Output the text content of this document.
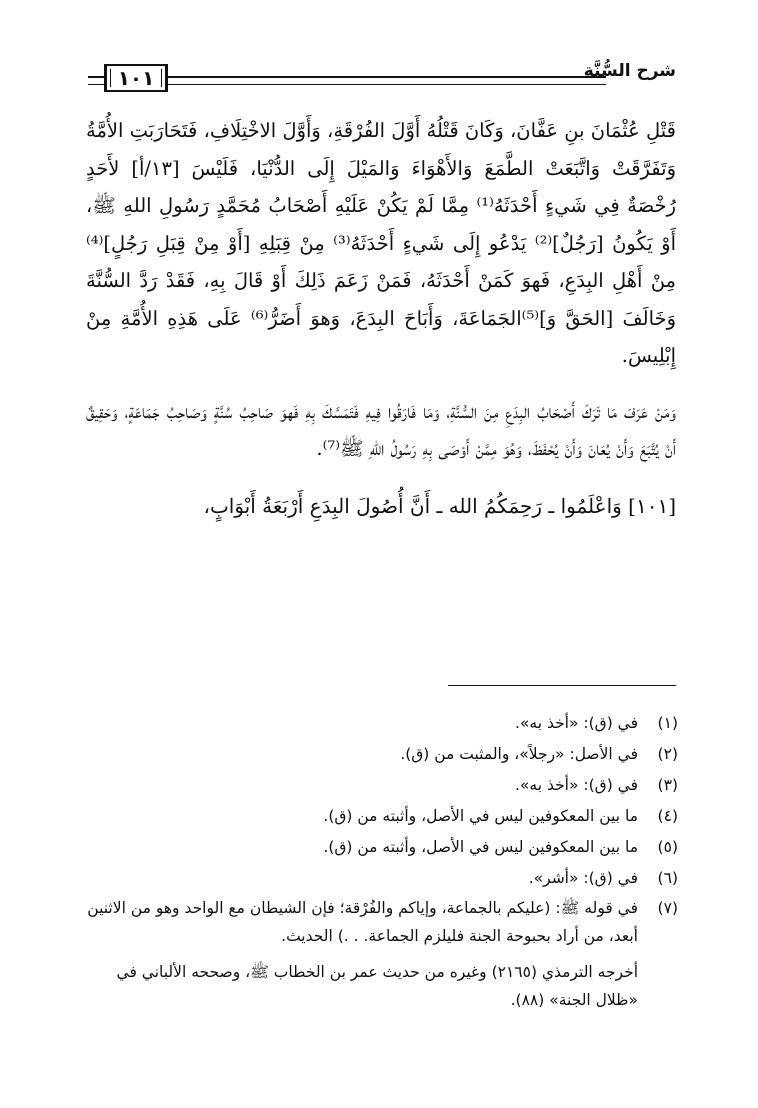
شرح السُّنَّة
١٠١

قَتْلِ عُثْمَانَ بنِ عَفَّانَ، وَكَانَ قَتْلُهُ أَوَّلَ الفُرْقَةِ، وَأَوَّلَ الاخْتِلَافِ، فَتَحَارَبَتِ الأُمَّةُ وَتَفَرَّقَتْ وَاتَّبَعَتْ الطَّمَعَ وَالأَهْوَاءَ وَالمَيْلَ إِلَى الدُّنْيَا، فَلَيْسَ [١٣/أ] لأَحَدٍ رُخْصَةٌ فِي شَيءٍ أَحْدَثَهُ⁽¹⁾ مِمَّا لَمْ يَكُنْ عَلَيْهِ أَصْحَابُ مُحَمَّدٍ رَسُولِ اللهِ ﷺ، أَوْ يَكُونُ [رَجُلٌ]⁽²⁾ يَدْعُو إِلَى شَيءٍ أَحْدَثَهُ⁽³⁾ مِنْ قِبَلِهِ [أَوْ مِنْ قِبَلِ رَجُلٍ]⁽⁴⁾ مِنْ أَهْلِ البِدَعِ، فَهوَ كَمَنْ أَحْدَثَهُ، فَمَنْ زَعَمَ ذَلِكَ أَوْ قَالَ بِهِ، فَقَدْ رَدَّ السُّنَّةَ وَخَالَفَ [الحَقَّ وَ]⁽⁵⁾الجَمَاعَةَ، وَأَبَاحَ البِدَعَ، وَهوَ أَضَرُّ⁽⁶⁾ عَلَى هَذِهِ الأُمَّةِ مِنْ إِبْلِيسَ.

وَمَنْ عَرَفَ مَا تَرَكَ أَصْحَابُ البِدَعِ مِنَ السُّنَّةِ، وَمَا فَارَقُوا فِيهِ فَتَمَسَّكَ بِهِ فَهوَ صَاحِبُ سُنَّةٍ وَصَاحِبُ جَمَاعَةٍ، وَحَقِيقٌ أَنْ يُتَّبَعَ وَأَنْ يُعَانَ وَأَنْ يُحْفَظَ، وَهُوَ مِمَّنْ أَوْصَى بِهِ رَسُولُ اللهِ ﷺ⁽⁷⁾.

[١٠١] وَاعْلَمُوا ـ رَحِمَكُمُ الله ـ أَنَّ أُصُولَ البِدَعِ أَرْبَعَةُ أَبْوَابٍ،

(١)
في (ق): «أخذ به».
(٢)
في الأصل: «رجلاً»، والمثبت من (ق).
(٣)
في (ق): «أخذ به».
(٤)
ما بين المعكوفين ليس في الأصل، وأثبته من (ق).
(٥)
ما بين المعكوفين ليس في الأصل، وأثبته من (ق).
(٦)
في (ق): «أشر».
(٧)
في قوله ﷺ: (عليكم بالجماعة، وإياكم والفُرْقة؛ فإن الشيطان مع الواحد وهو من الاثنين أبعد، من أراد بحبوحة الجنة فليلزم الجماعة. . .) الحديث.
أخرجه الترمذي (٢١٦٥) وغيره من حديث عمر بن الخطاب ﷺ، وصححه الألباني في «ظلال الجنة» (٨٨).
